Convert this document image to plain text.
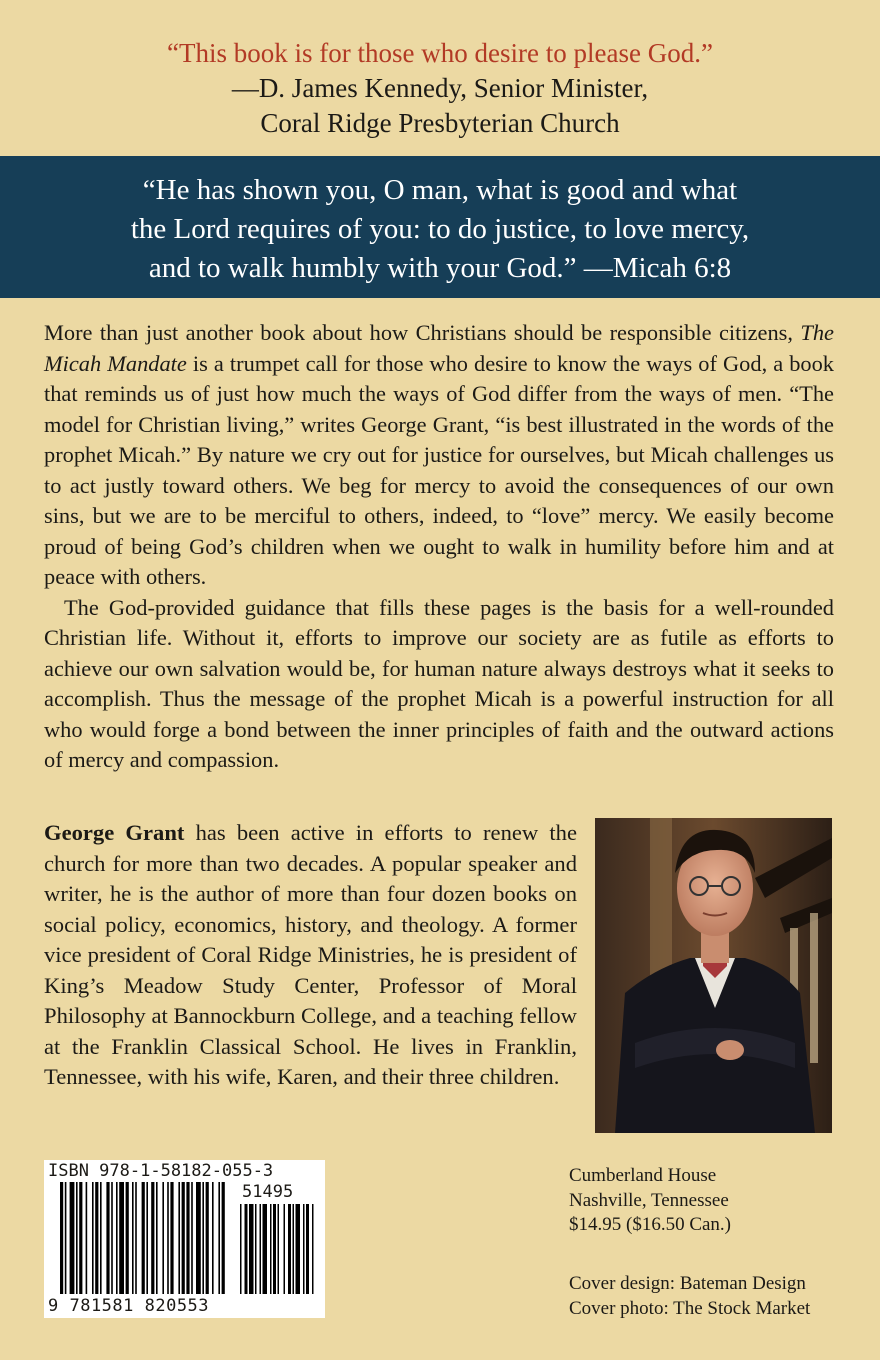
“This book is for those who desire to please God.”
—D. James Kennedy, Senior Minister,
Coral Ridge Presbyterian Church
“He has shown you, O man, what is good and what
the Lord requires of you: to do justice, to love mercy,
and to walk humbly with your God.” —Micah 6:8

More than just another book about how Christians should be responsible citizens, The Micah Mandate is a trumpet call for those who desire to know the ways of God, a book that reminds us of just how much the ways of God differ from the ways of men. “The model for Christian living,” writes George Grant, “is best illustrated in the words of the prophet Micah.” By nature we cry out for justice for ourselves, but Micah challenges us to act justly toward others. We beg for mercy to avoid the consequences of our own sins, but we are to be merciful to others, indeed, to “love” mercy. We easily become proud of being God’s children when we ought to walk in humility before him and at peace with others.

The God-provided guidance that fills these pages is the basis for a well-rounded Christian life. Without it, efforts to improve our society are as futile as efforts to achieve our own salvation would be, for human nature always destroys what it seeks to accomplish. Thus the message of the prophet Micah is a powerful instruction for all who would forge a bond between the inner principles of faith and the outward actions of mercy and compassion.

George Grant has been active in efforts to renew the church for more than two decades. A popular speaker and writer, he is the author of more than four dozen books on social policy, economics, history, and theology. A former vice president of Coral Ridge Ministries, he is president of King’s Meadow Study Center, Professor of Moral Philosophy at Bannockburn College, and a teaching fellow at the Franklin Classical School. He lives in Franklin, Tennessee, with his wife, Karen, and their three children.
ISBN 978-1-58182-055-3
51495
9 781581 820553
Cumberland House
Nashville, Tennessee
$14.95 ($16.50 Can.)
Cover design: Bateman Design
Cover photo: The Stock Market
